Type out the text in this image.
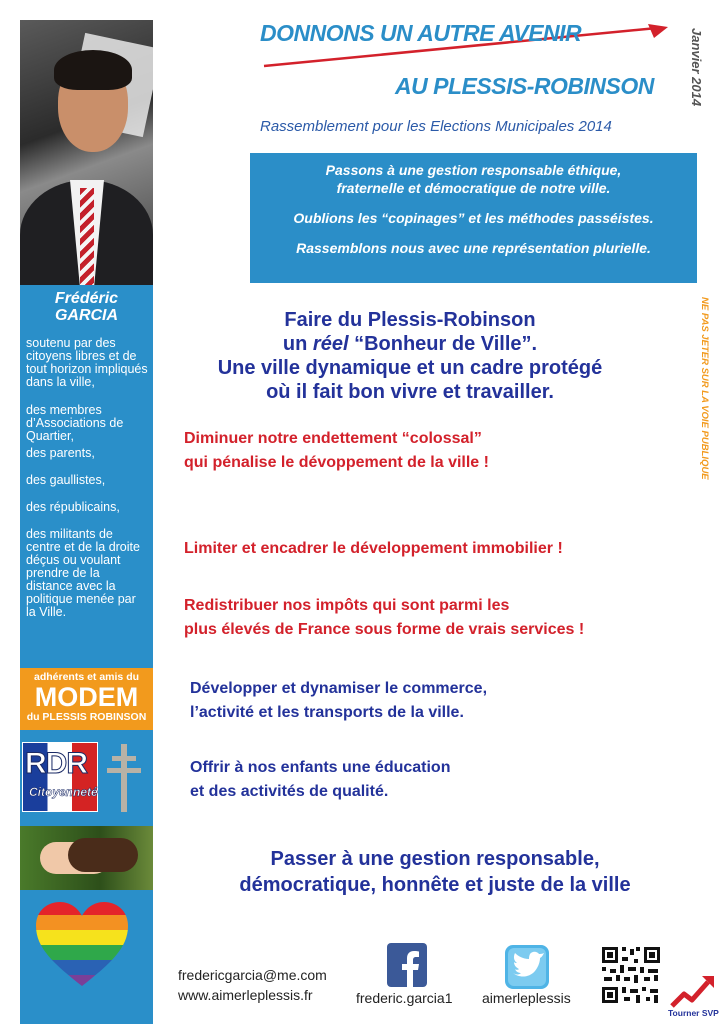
Frédéric

GARCIA

soutenu par des citoyens libres et de tout horizon impliqués dans la ville,

des membres d’Associations de Quartier,

des parents,

des gaullistes,

des républicains,

des militants de centre et de la droite déçus ou voulant prendre de la distance avec la politique menée par la Ville.

adhérents et amis du
MODEM
du PLESSIS ROBINSON
RDR
Citoyenneté

DONNONS UN AUTRE AVENIR

AU PLESSIS-ROBINSON	Janvier 2014

Rassemblement pour les Elections Municipales 2014

Passons à une gestion responsable éthique,

fraternelle et démocratique de notre ville.

Oublions les “copinages” et les méthodes passéistes.

Rassemblons nous avec une représentation plurielle.

NE PAS JETER SUR LA VOIE PUBLIQUE
Faire du Plessis-Robinson
un réel “Bonheur de Ville”.
Une ville dynamique et un cadre protégé
où il fait bon vivre et travailler.

Diminuer notre endettement “colossal”

qui pénalise le dévoppement de la ville !

Limiter et encadrer le développement immobilier !

Redistribuer nos impôts qui sont parmi les

plus élevés de France sous forme de vrais services !

Développer et dynamiser le commerce,

l’activité et les transports de la ville.

Offrir à nos enfants une éducation

et des activités de qualité.

Passer à une gestion responsable,
démocratique, honnête et juste de la ville

fredericgarcia@me.com

www.aimerleplessis.fr	frederic.garcia1 aimerleplessis

Tourner SVP
